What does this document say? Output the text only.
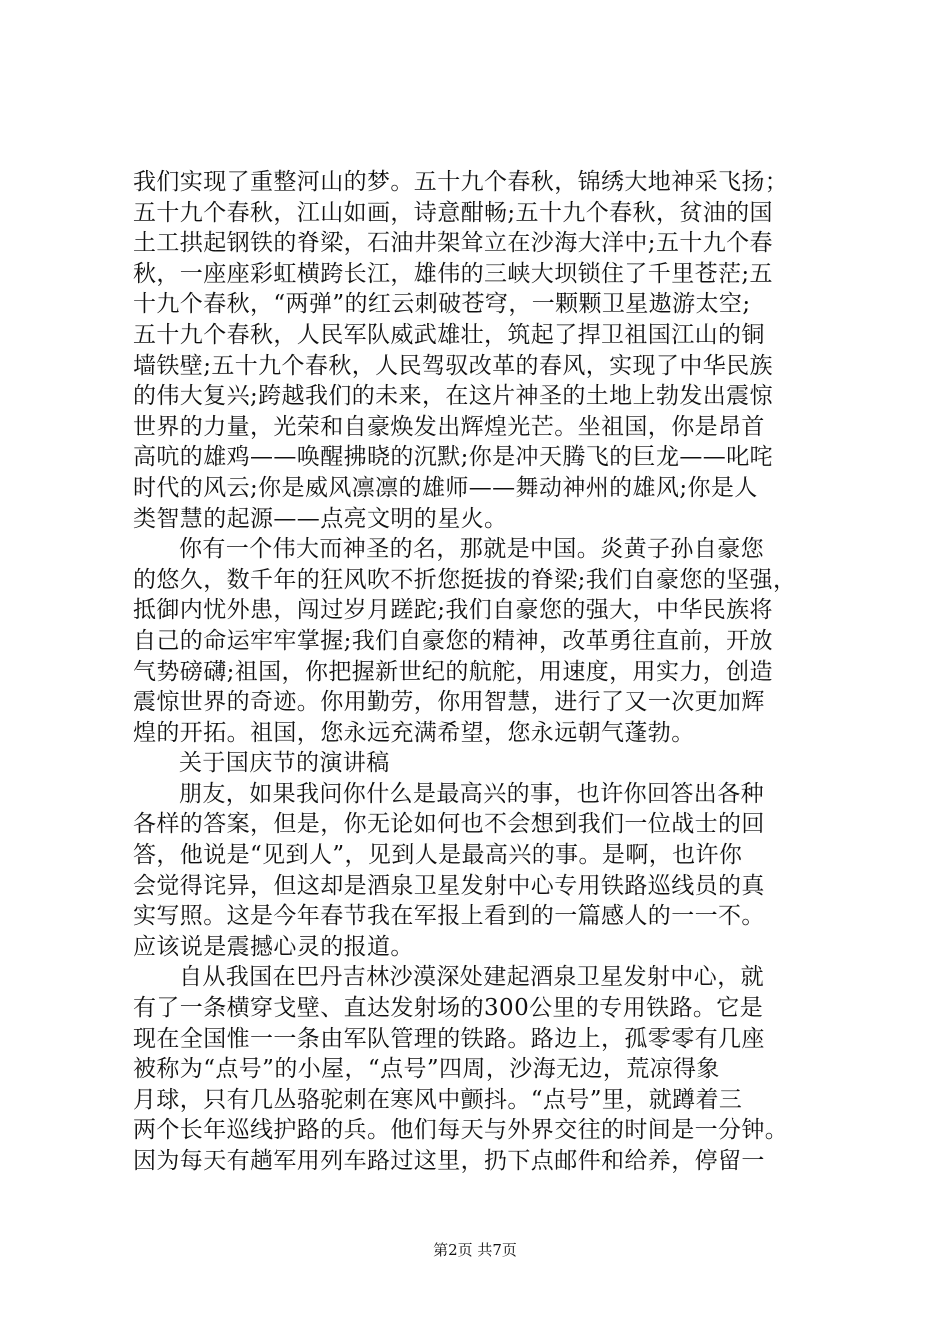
我们实现了重整河山的梦。五十九个春秋，锦绣大地神采飞扬；
五十九个春秋，江山如画，诗意酣畅;五十九个春秋，贫油的国
土工拱起钢铁的脊梁，石油井架耸立在沙海大洋中;五十九个春
秋，一座座彩虹横跨长江，雄伟的三峡大坝锁住了千里苍茫;五
十九个春秋，“两弹”的红云刺破苍穹，一颗颗卫星遨游太空;
五十九个春秋，人民军队威武雄壮，筑起了捍卫祖国江山的铜
墙铁壁;五十九个春秋，人民驾驭改革的春风，实现了中华民族
的伟大复兴;跨越我们的未来，在这片神圣的土地上勃发出震惊
世界的力量，光荣和自豪焕发出辉煌光芒。坐祖国，你是昂首
高吭的雄鸡——唤醒拂晓的沉默;你是冲天腾飞的巨龙——叱咤
时代的风云;你是威风凛凛的雄师——舞动神州的雄风;你是人
类智慧的起源——点亮文明的星火。
你有一个伟大而神圣的名，那就是中国。炎黄子孙自豪您
的悠久，数千年的狂风吹不折您挺拔的脊梁;我们自豪您的坚强，
抵御内忧外患，闯过岁月蹉跎;我们自豪您的强大，中华民族将
自己的命运牢牢掌握;我们自豪您的精神，改革勇往直前，开放
气势磅礴;祖国，你把握新世纪的航舵，用速度，用实力，创造
震惊世界的奇迹。你用勤劳，你用智慧，进行了又一次更加辉
煌的开拓。祖国，您永远充满希望，您永远朝气蓬勃。
关于国庆节的演讲稿
朋友，如果我问你什么是最高兴的事，也许你回答出各种
各样的答案，但是，你无论如何也不会想到我们一位战士的回
答，他说是“见到人”，见到人是最高兴的事。是啊，也许你
会觉得诧异，但这却是酒泉卫星发射中心专用铁路巡线员的真
实写照。这是今年春节我在军报上看到的一篇感人的一一不。
应该说是震撼心灵的报道。
自从我国在巴丹吉林沙漠深处建起酒泉卫星发射中心，就
有了一条横穿戈壁、直达发射场的300公里的专用铁路。它是
现在全国惟一一条由军队管理的铁路。路边上，孤零零有几座
被称为“点号”的小屋，“点号”四周，沙海无边，荒凉得象
月球，只有几丛骆驼刺在寒风中颤抖。“点号”里，就蹲着三
两个长年巡线护路的兵。他们每天与外界交往的时间是一分钟。
因为每天有趟军用列车路过这里，扔下点邮件和给养，停留一
第2页 共7页
